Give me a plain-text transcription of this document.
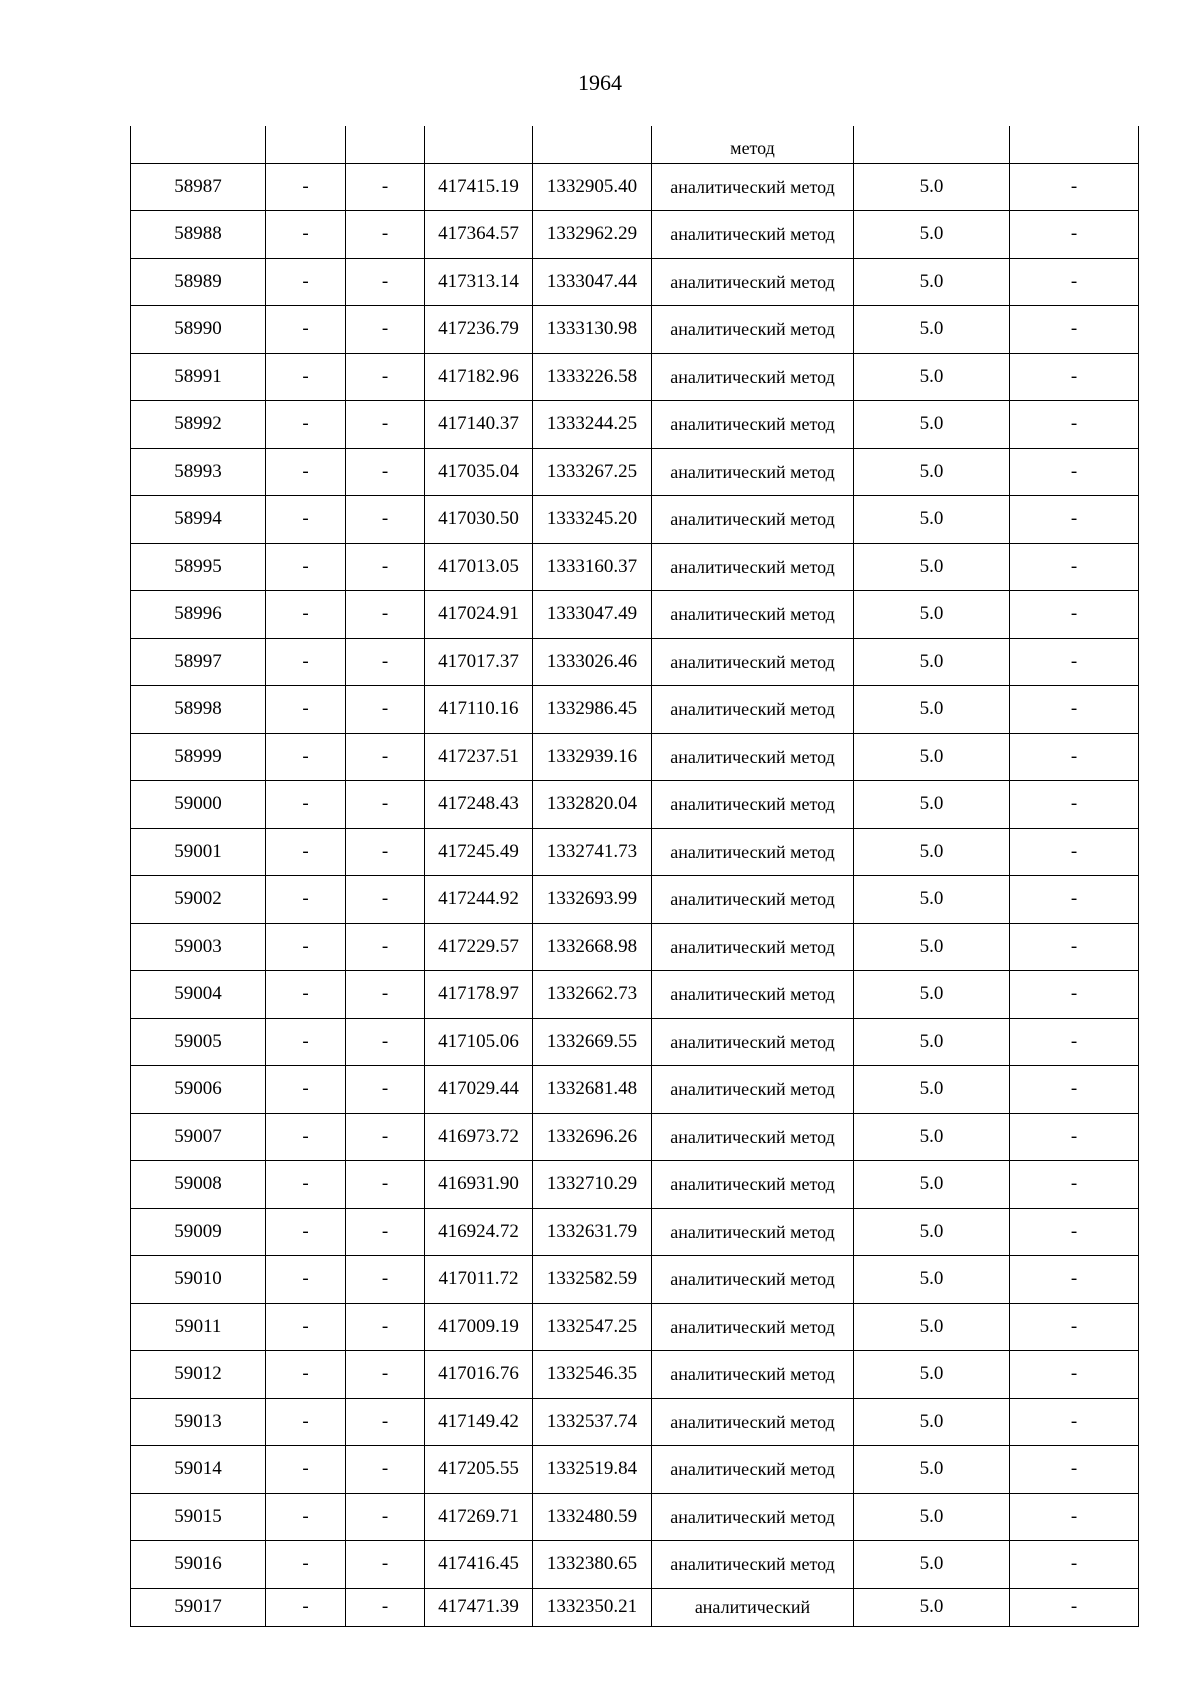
1964
					метод		
58987	-	-	417415.19	1332905.40	аналитический метод	5.0	-
58988	-	-	417364.57	1332962.29	аналитический метод	5.0	-
58989	-	-	417313.14	1333047.44	аналитический метод	5.0	-
58990	-	-	417236.79	1333130.98	аналитический метод	5.0	-
58991	-	-	417182.96	1333226.58	аналитический метод	5.0	-
58992	-	-	417140.37	1333244.25	аналитический метод	5.0	-
58993	-	-	417035.04	1333267.25	аналитический метод	5.0	-
58994	-	-	417030.50	1333245.20	аналитический метод	5.0	-
58995	-	-	417013.05	1333160.37	аналитический метод	5.0	-
58996	-	-	417024.91	1333047.49	аналитический метод	5.0	-
58997	-	-	417017.37	1333026.46	аналитический метод	5.0	-
58998	-	-	417110.16	1332986.45	аналитический метод	5.0	-
58999	-	-	417237.51	1332939.16	аналитический метод	5.0	-
59000	-	-	417248.43	1332820.04	аналитический метод	5.0	-
59001	-	-	417245.49	1332741.73	аналитический метод	5.0	-
59002	-	-	417244.92	1332693.99	аналитический метод	5.0	-
59003	-	-	417229.57	1332668.98	аналитический метод	5.0	-
59004	-	-	417178.97	1332662.73	аналитический метод	5.0	-
59005	-	-	417105.06	1332669.55	аналитический метод	5.0	-
59006	-	-	417029.44	1332681.48	аналитический метод	5.0	-
59007	-	-	416973.72	1332696.26	аналитический метод	5.0	-
59008	-	-	416931.90	1332710.29	аналитический метод	5.0	-
59009	-	-	416924.72	1332631.79	аналитический метод	5.0	-
59010	-	-	417011.72	1332582.59	аналитический метод	5.0	-
59011	-	-	417009.19	1332547.25	аналитический метод	5.0	-
59012	-	-	417016.76	1332546.35	аналитический метод	5.0	-
59013	-	-	417149.42	1332537.74	аналитический метод	5.0	-
59014	-	-	417205.55	1332519.84	аналитический метод	5.0	-
59015	-	-	417269.71	1332480.59	аналитический метод	5.0	-
59016	-	-	417416.45	1332380.65	аналитический метод	5.0	-
59017	-	-	417471.39	1332350.21	аналитический	5.0	-
